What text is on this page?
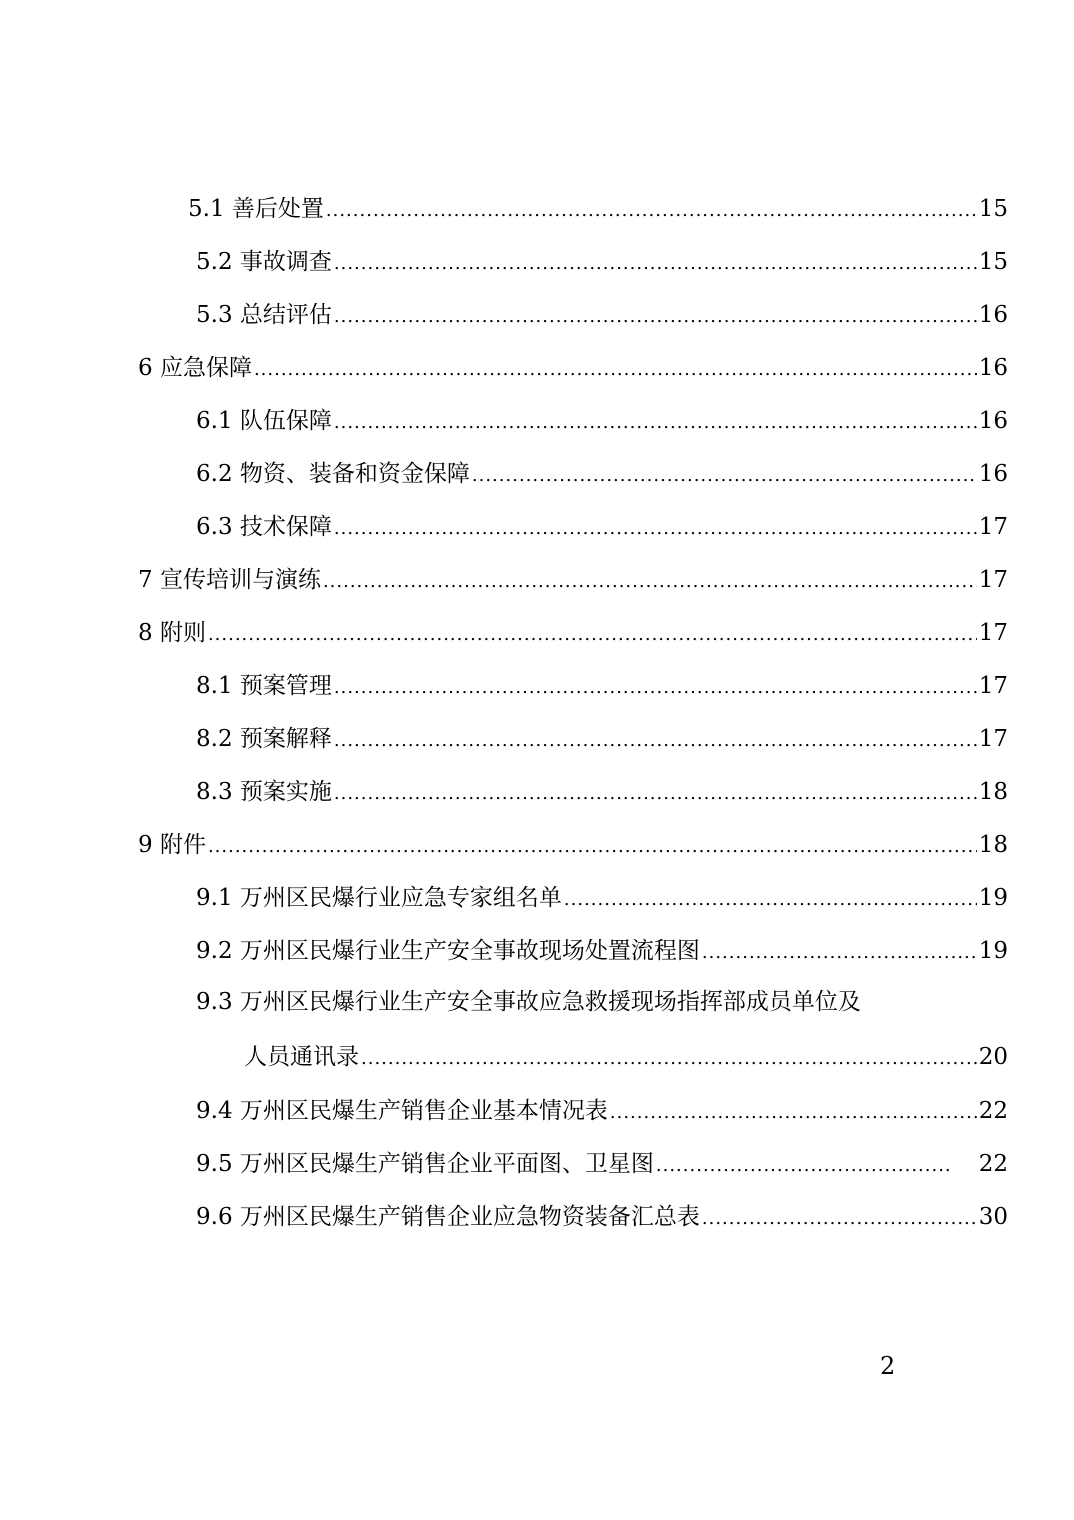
5.1 善后处置 .....	15
5.2 事故调查 .....	15
5.3 总结评估 .....	16
6 应急保障 .....	16
6.1 队伍保障 .....	16
6.2 物资、装备和资金保障 .....	16
6.3 技术保障 .....	17
7 宣传培训与演练 .....	17
8 附则 .....	17
8.1 预案管理 .....	17
8.2 预案解释 .....	17
8.3 预案实施 .....	18
9 附件 .....	18
9.1 万州区民爆行业应急专家组名单 .....	19
9.2 万州区民爆行业生产安全事故现场处置流程图 .....	19
9.3 万州区民爆行业生产安全事故应急救援现场指挥部成员单位及
人员通讯录 .....	20
9.4 万州区民爆生产销售企业基本情况表 .....	22
9.5 万州区民爆生产销售企业平面图、卫星图 .....	22
9.6 万州区民爆生产销售企业应急物资装备汇总表 .....	30
2
